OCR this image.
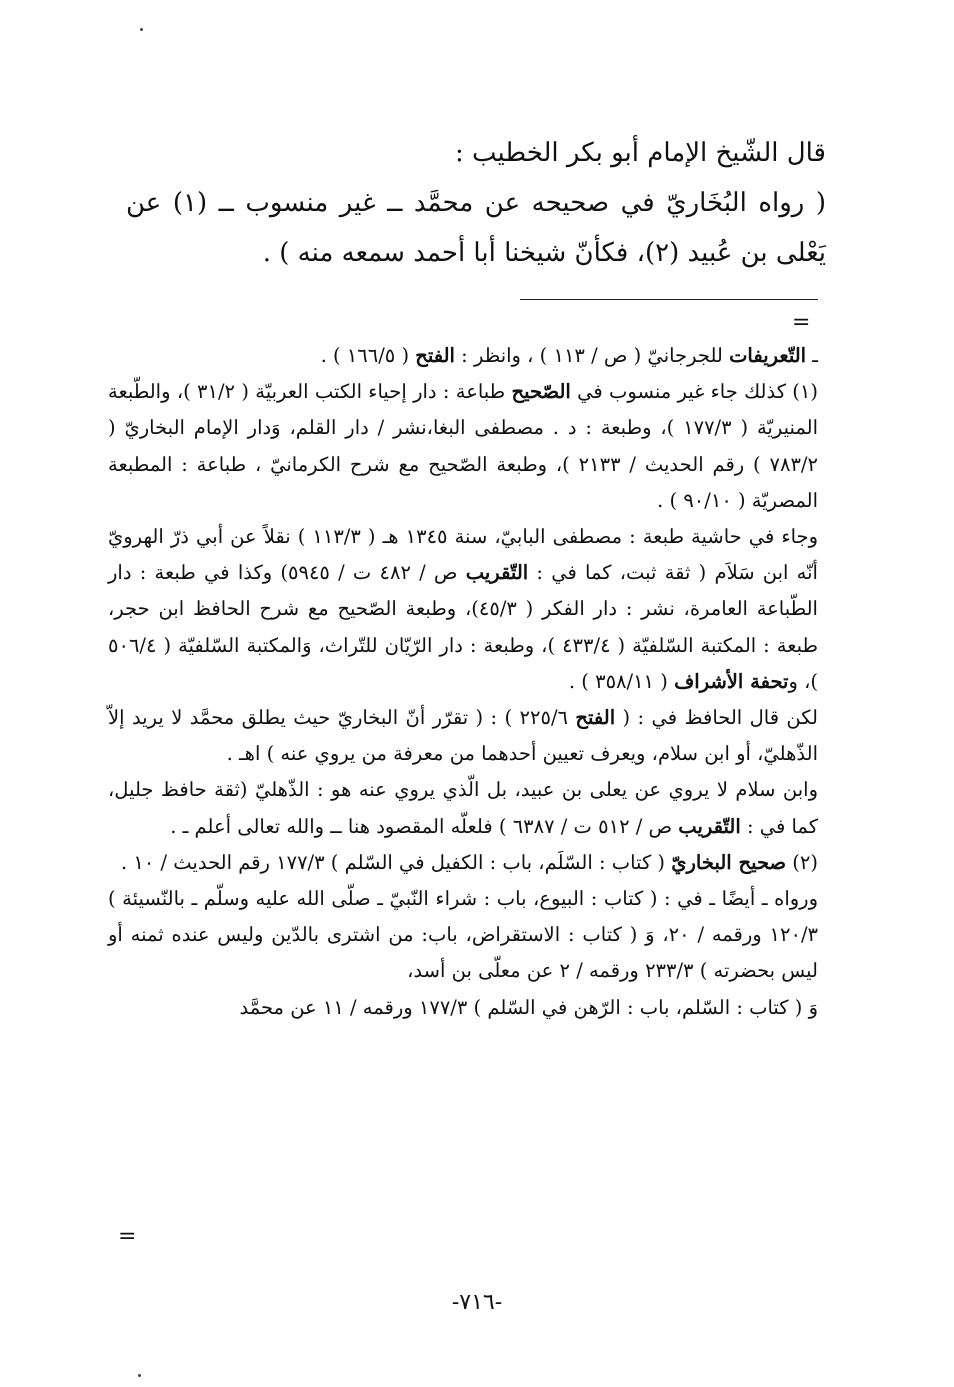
قال الشّيخ الإمام أبو بكر الخطيب :

( رواه البُخَاريّ في صحيحه عن محمَّد ــ غير منسوب ــ (١) عن

يَعْلى بن عُبيد (٢)، فكأنّ شيخنا أبا أحمد سمعه منه ) .

=

ـ التّعريفات للجرجانيّ ( ص / ١١٣ ) ، وانظر : الفتح ( ١٦٦/٥ ) .

(١) كذلك جاء غير منسوب في الصّحيح طباعة : دار إحياء الكتب العربيّة ( ٣١/٢ )، والطّبعة المنيريّة ( ١٧٧/٣ )، وطبعة : د . مصطفى البغا،نشر / دار القلم، وَدار الإمام البخاريّ ( ٧٨٣/٢ ) رقم الحديث / ٢١٣٣ )، وطبعة الصّحيح مع شرح الكرمانيّ ، طباعة : المطبعة المصريّة ( ٩٠/١٠ ) .

وجاء في حاشية طبعة : مصطفى البابيّ، سنة ١٣٤٥ هـ ( ١١٣/٣ ) نقلاً عن أبي ذرّ الهرويّ أنّه ابن سَلاَم ( ثقة ثبت، كما في : التّقريب ص / ٤٨٢ ت / ٥٩٤٥) وكذا في طبعة : دار الطّباعة العامرة، نشر : دار الفكر ( ٤٥/٣)، وطبعة الصّحيح مع شرح الحافظ ابن حجر، طبعة : المكتبة السّلفيّة ( ٤٣٣/٤ )، وطبعة : دار الرّيّان للتّراث، وَالمكتبة السّلفيّة ( ٥٠٦/٤ )، وتحفة الأشراف ( ٣٥٨/١١ ) .

لكن قال الحافظ في : ( الفتح ٢٢٥/٦ ) : ( تقرّر أنّ البخاريّ حيث يطلق محمَّد لا يريد إلاّ الذّهليّ، أو ابن سلام، ويعرف تعيين أحدهما من معرفة من يروي عنه ) اهـ .

وابن سلام لا يروي عن يعلى بن عبيد، بل الّذي يروي عنه هو : الذّهليّ (ثقة حافظ جليل، كما في : التّقريب ص / ٥١٢ ت / ٦٣٨٧ ) فلعلّه المقصود هنا ــ والله تعالى أعلم ـ .

(٢) صحيح البخاريّ ( كتاب : السّلَم، باب : الكفيل في السّلم ) ١٧٧/٣ رقم الحديث / ١٠ .

ورواه ـ أيضًا ـ في : ( كتاب : البيوع، باب : شراء النّبيّ ـ صلّى الله عليه وسلّم ـ بالنّسيئة ) ١٢٠/٣ ورقمه / ٢٠، وَ ( كتاب : الاستقراض، باب: من اشترى بالدّين وليس عنده ثمنه أو ليس بحضرته ) ٢٣٣/٣ ورقمه / ٢ عن معلّى بن أسد،

وَ ( كتاب : السّلم، باب : الرّهن في السّلم ) ١٧٧/٣ ورقمه / ١١ عن محمَّد

=
-٧١٦-
